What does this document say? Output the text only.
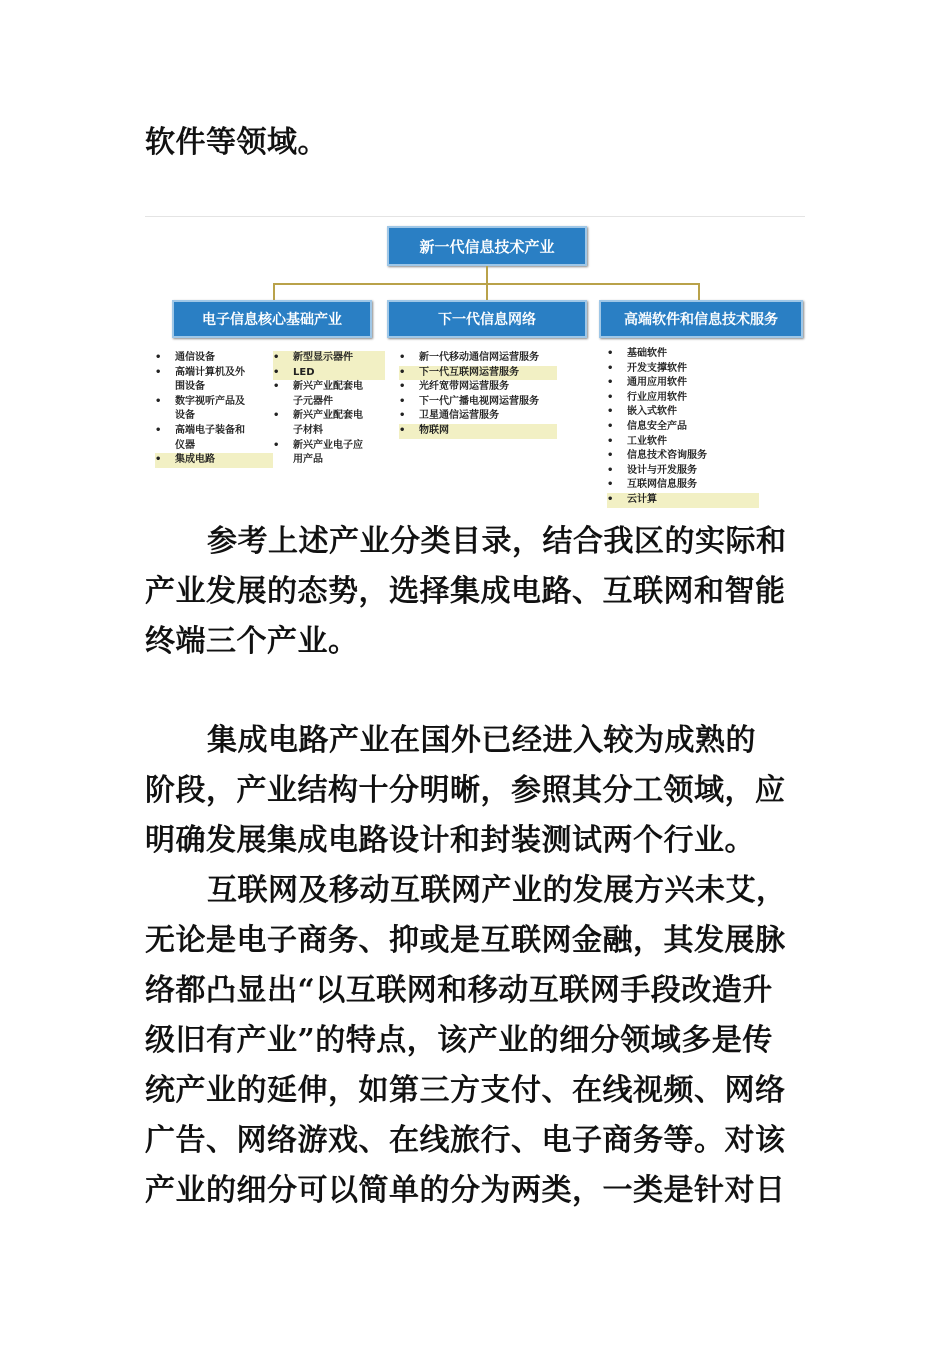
软件等领域。
新一代信息技术产业
电子信息核心基础产业	下一代信息网络	高端软件和信息技术服务
• 通信设备
• 高端计算机及外
围设备
• 数字视听产品及
设备
• 高端电子装备和
仪器
• 集成电路
• 新型显示器件
• LED
• 新兴产业配套电
子元器件
• 新兴产业配套电
子材料
• 新兴产业电子应
用产品
• 新一代移动通信网运营服务
• 下一代互联网运营服务
• 光纤宽带网运营服务
• 下一代广播电视网运营服务
• 卫星通信运营服务
• 物联网
• 基础软件
• 开发支撑软件
• 通用应用软件
• 行业应用软件
• 嵌入式软件
• 信息安全产品
• 工业软件
• 信息技术咨询服务
• 设计与开发服务
• 互联网信息服务
• 云计算
参考上述产业分类目录，结合我区的实际和
产业发展的态势，选择集成电路、互联网和智能
终端三个产业。
集成电路产业在国外已经进入较为成熟的
阶段，产业结构十分明晰，参照其分工领域，应
明确发展集成电路设计和封装测试两个行业。
互联网及移动互联网产业的发展方兴未艾，
无论是电子商务、抑或是互联网金融，其发展脉
络都凸显出“以互联网和移动互联网手段改造升
级旧有产业”的特点，该产业的细分领域多是传
统产业的延伸，如第三方支付、在线视频、网络
广告、网络游戏、在线旅行、电子商务等。对该
产业的细分可以简单的分为两类，一类是针对日
